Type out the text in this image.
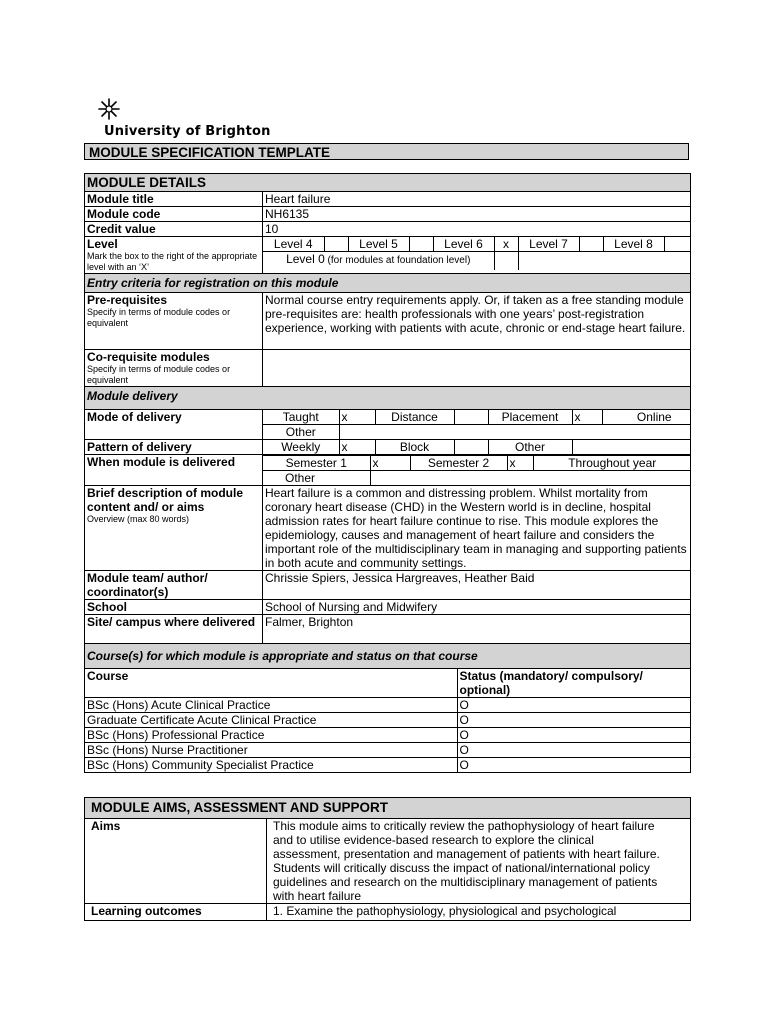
University of Brighton
MODULE SPECIFICATION TEMPLATE
MODULE DETAILS
Module title	Heart failure
Module code	NH6135
Credit value	10

Level
Mark the box to the right of the appropriate level with an ‘X’

Level 4		Level 5		Level 6	x	Level 7		Level 8	
Level 0 (for modules at foundation level)		

Entry criteria for registration on this module

Pre-requisites
Specify in terms of module codes or equivalent
	Normal course entry requirements apply. Or, if taken as a free standing module pre-requisites are: health professionals with one years’ post-registration experience, working with patients with acute, chronic or end-stage heart failure.

Co-requisite modules
Specify in terms of module codes or equivalent

Module delivery
Mode of delivery		Taught	x	Distance		Placement	x	Online
Other	

Pattern of delivery		Weekly	x	Block		Other	

When module is delivered		Semester 1	x	Semester 2	x	Throughout year
Other	

Brief description of module content and/ or aims
Overview (max 80 words)
	Heart failure is a common and distressing problem. Whilst mortality from coronary heart disease (CHD) in the Western world is in decline, hospital admission rates for heart failure continue to rise. This module explores the epidemiology, causes and management of heart failure and considers the important role of the multidisciplinary team in managing and supporting patients in both acute and community settings.
Module team/ author/ coordinator(s)	Chrissie Spiers, Jessica Hargreaves, Heather Baid
School	School of Nursing and Midwifery
Site/ campus where delivered	Falmer, Brighton
Course(s) for which module is appropriate and status on that course

Course	Status (mandatory/ compulsory/ optional)
BSc (Hons) Acute Clinical Practice	O
Graduate Certificate Acute Clinical Practice	O
BSc (Hons) Professional Practice	O
BSc (Hons) Nurse Practitioner	O
BSc (Hons) Community Specialist Practice	O
MODULE AIMS, ASSESSMENT AND SUPPORT	
Aims	This module aims to critically review the pathophysiology of heart failure and to utilise evidence-based research to explore the clinical assessment, presentation and management of patients with heart failure. Students will critically discuss the impact of national/international policy guidelines and research on the multidisciplinary management of patients with heart failure
Learning outcomes	1. Examine the pathophysiology, physiological and psychological
